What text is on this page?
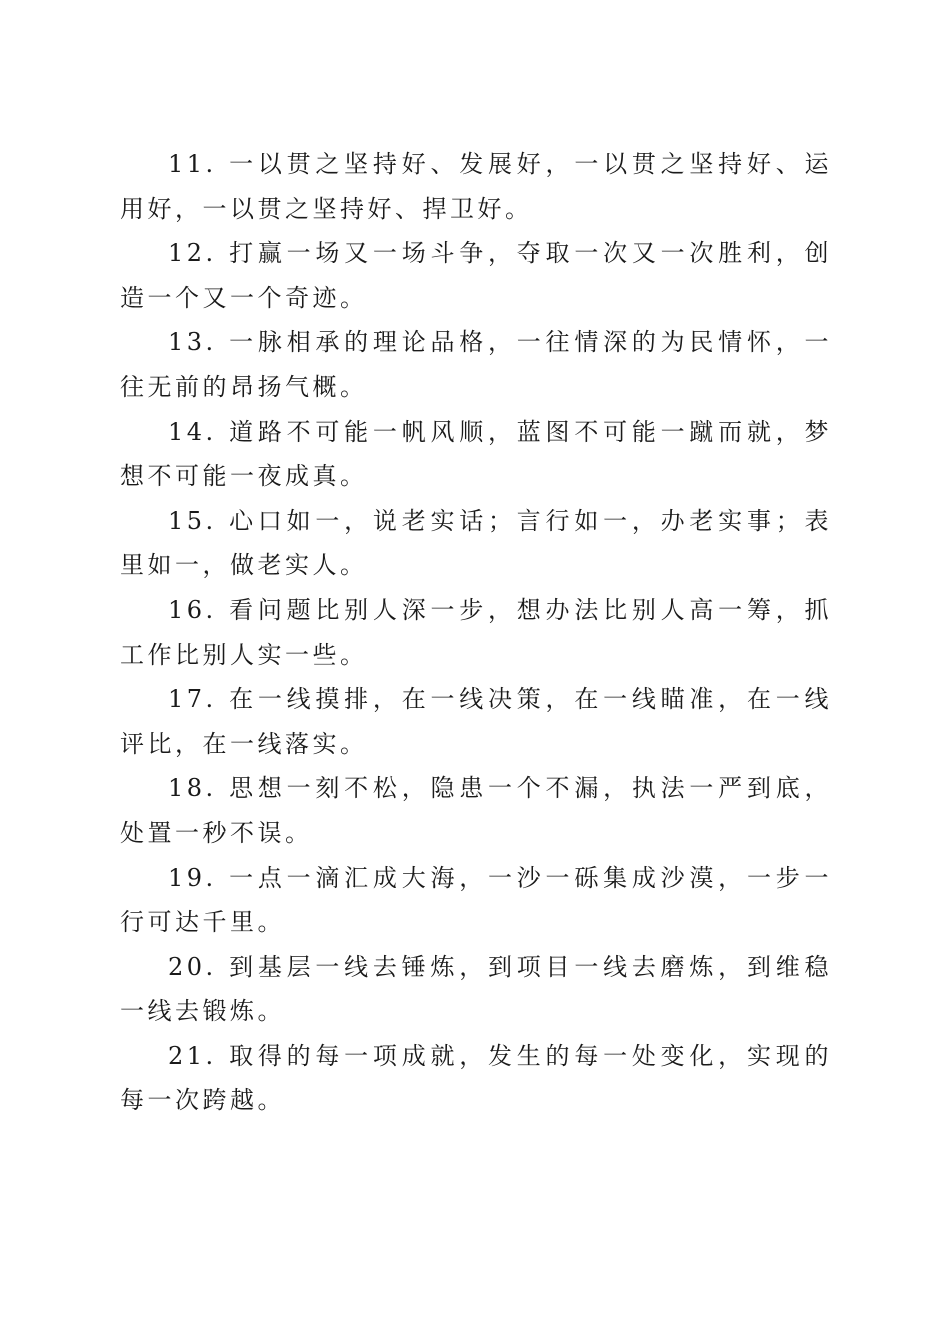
11. 一以贯之坚持好、发展好，一以贯之坚持好、运用好，一以贯之坚持好、捍卫好。

12. 打赢一场又一场斗争，夺取一次又一次胜利，创造一个又一个奇迹。

13. 一脉相承的理论品格，一往情深的为民情怀，一往无前的昂扬气概。

14. 道路不可能一帆风顺，蓝图不可能一蹴而就，梦想不可能一夜成真。

15. 心口如一，说老实话；言行如一，办老实事；表里如一，做老实人。

16. 看问题比别人深一步，想办法比别人高一筹，抓工作比别人实一些。

17. 在一线摸排，在一线决策，在一线瞄准，在一线评比，在一线落实。

18. 思想一刻不松，隐患一个不漏，执法一严到底，处置一秒不误。

19. 一点一滴汇成大海，一沙一砾集成沙漠，一步一行可达千里。

20. 到基层一线去锤炼，到项目一线去磨炼，到维稳一线去锻炼。

21. 取得的每一项成就，发生的每一处变化，实现的每一次跨越。
